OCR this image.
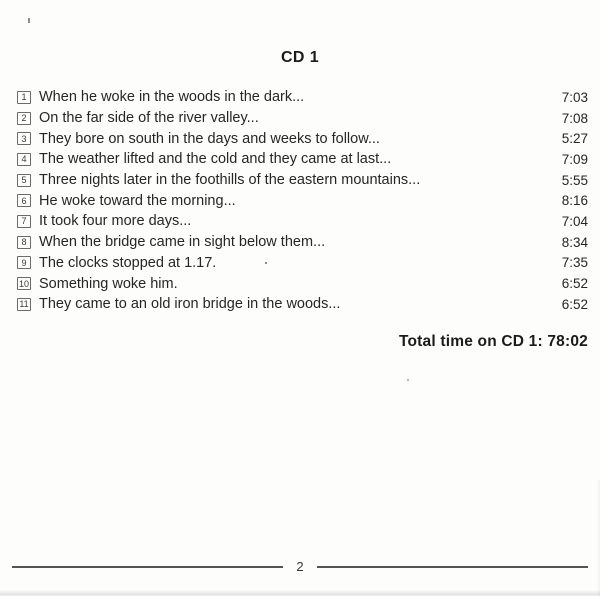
CD 1
1 When he woke in the woods in the dark...	7:03
2 On the far side of the river valley...	7:08
3 They bore on south in the days and weeks to follow...	5:27
4 The weather lifted and the cold and they came at last...	7:09
5 Three nights later in the foothills of the eastern mountains...	5:55
6 He woke toward the morning...	8:16
7 It took four more days...	7:04
8 When the bridge came in sight below them...	8:34
9 The clocks stopped at 1.17.	7:35
10 Something woke him.	6:52
11 They came to an old iron bridge in the woods...	6:52
Total time on CD 1: 78:02
2
